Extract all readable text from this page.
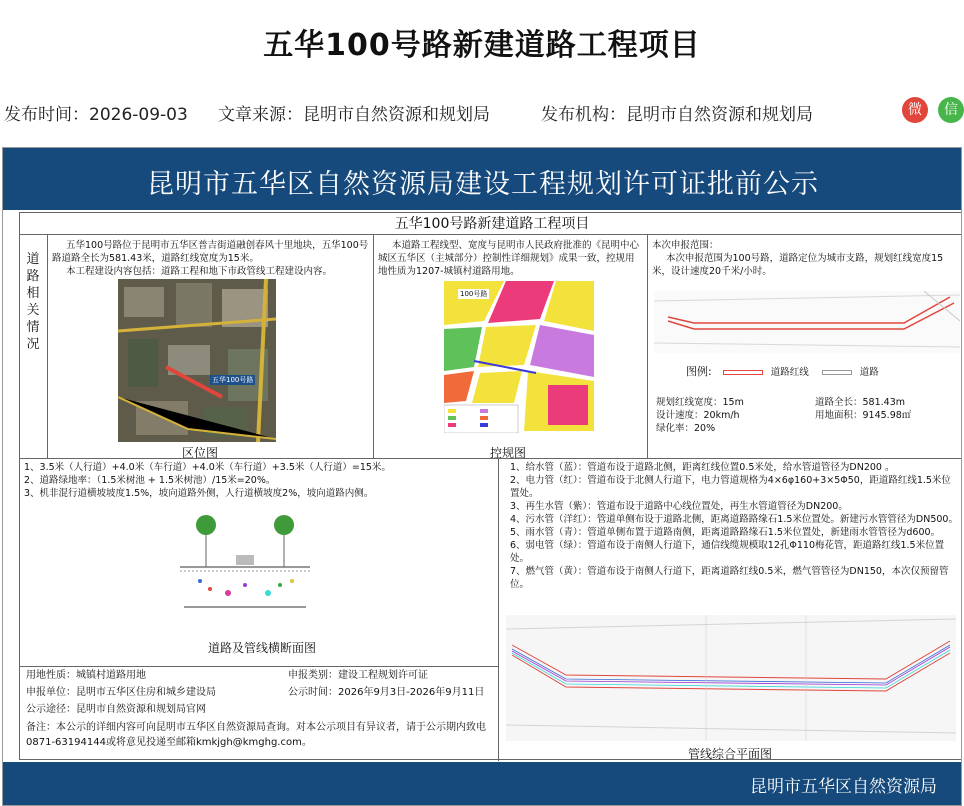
五华100号路新建道路工程项目
发布时间：2026-09-03 文章来源：昆明市自然资源和规划局	发布机构：昆明市自然资源和规划局	微	信
昆明市五华区自然资源局建设工程规划许可证批前公示
五华100号路新建道路工程项目
道路相关情况

五华100号路位于昆明市五华区普吉街道融创春风十里地块，五华100号路道路全长为581.43米，道路红线宽度为15米。

本工程建设内容包括：道路工程和地下市政管线工程建设内容。

五华100号路
区位图
本道路工程线型、宽度与昆明市人民政府批准的《昆明中心城区五华区（主城部分）控制性详细规划》成果一致，控规用地性质为1207-城镇村道路用地。
100号路
控规图

本次申报范围：

本次申报范围为100号路，道路定位为城市支路，规划红线宽度15米，设计速度20千米/小时。

图例:	道路红线	道路
规划红线宽度：15m	道路全长：581.43m
设计速度：20km/h	用地面积：9145.98㎡
绿化率：20%

1、3.5米（人行道）+4.0米（车行道）+4.0米（车行道）+3.5米（人行道）=15米。

2、道路绿地率：（1.5米树池 + 1.5米树池）/15米=20%。

3、机非混行道横坡坡度1.5%，坡向道路外侧，人行道横坡度2%，坡向道路内侧。

道路及管线横断面图
用地性质：城镇村道路用地	申报类别：建设工程规划许可证
申报单位：昆明市五华区住房和城乡建设局	公示时间：2026年9月3日-2026年9月11日
公示途径：昆明市自然资源和规划局官网
备注：本公示的详细内容可向昆明市五华区自然资源局查询。对本公示项目有异议者，请于公示期内致电0871-63194144或将意见投递至邮箱kmkjgh@kmghg.com。

1、给水管（蓝）：管道布设于道路北侧，距离红线位置0.5米处，给水管道管径为DN200 。

2、电力管（红）：管道布设于北侧人行道下，电力管道规格为4×6φ160+3×5Φ50，距道路红线1.5米位置处。

3、再生水管（紫）：管道布设于道路中心线位置处，再生水管道管径为DN200。

4、污水管（洋红）：管道单侧布设于道路北侧，距离道路路缘石1.5米位置处。新建污水管管径为DN500。

5、雨水管（青）：管道单侧布置于道路南侧，距离道路路缘石1.5米位置处，新建雨水管管径为d600。

6、弱电管（绿）：管道布设于南侧人行道下，通信线缆规模取12孔Φ110梅花管，距道路红线1.5米位置处。

7、燃气管（黄）：管道布设于南侧人行道下，距离道路红线0.5米，燃气管管径为DN150，本次仅预留管位。

管线综合平面图
昆明市五华区自然资源局
